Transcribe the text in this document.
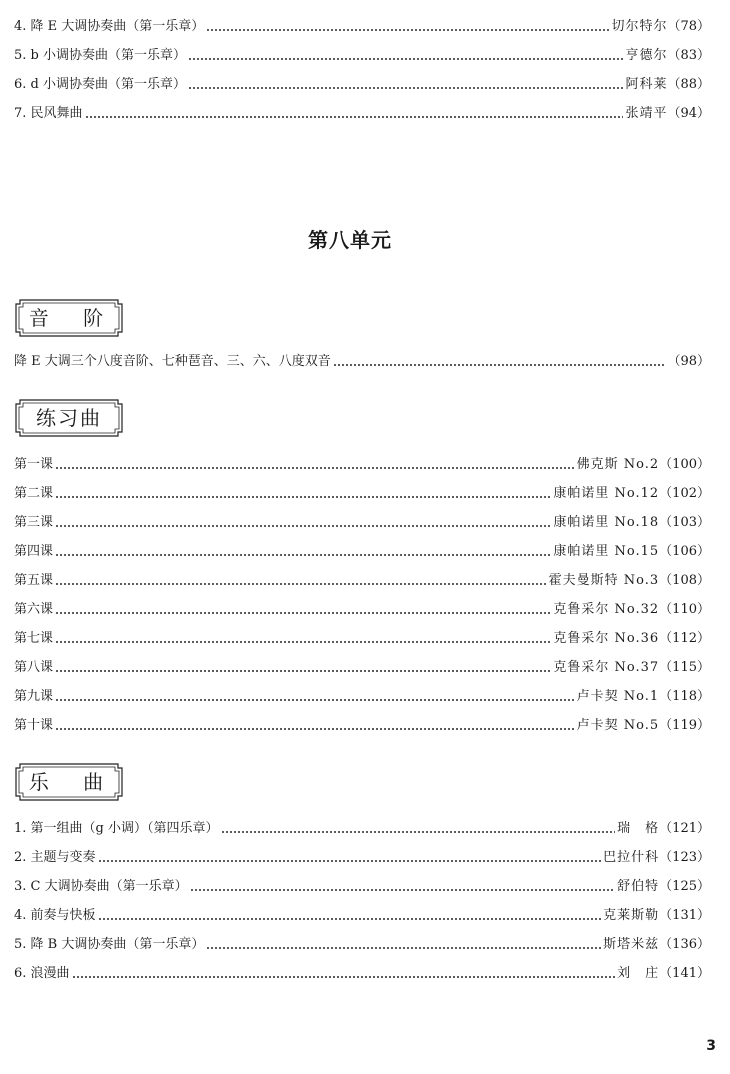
4. 降 E 大调协奏曲（第一乐章）	切尔特尔 （78）
5. b 小调协奏曲（第一乐章）	亨德尔 （83）
6. d 小调协奏曲（第一乐章）	阿科莱 （88）
7. 民风舞曲	张靖平 （94）
第八单元
音 阶
降 E 大调三个八度音阶、七种琶音、三、六、八度双音	（98）
练习曲
第一课	佛克斯 No.2 （100）
第二课	康帕诺里 No.12 （102）
第三课	康帕诺里 No.18 （103）
第四课	康帕诺里 No.15 （106）
第五课	霍夫曼斯特 No.3 （108）
第六课	克鲁采尔 No.32 （110）
第七课	克鲁采尔 No.36 （112）
第八课	克鲁采尔 No.37 （115）
第九课	卢卡契 No.1 （118）
第十课	卢卡契 No.5 （119）
乐 曲
1. 第一组曲（g 小调）（第四乐章）	瑞　格 （121）
2. 主题与变奏	巴拉什科 （123）
3. C 大调协奏曲（第一乐章）	舒伯特 （125）
4. 前奏与快板	克莱斯勒 （131）
5. 降 B 大调协奏曲（第一乐章）	斯塔米兹 （136）
6. 浪漫曲	刘　庄 （141）
3
